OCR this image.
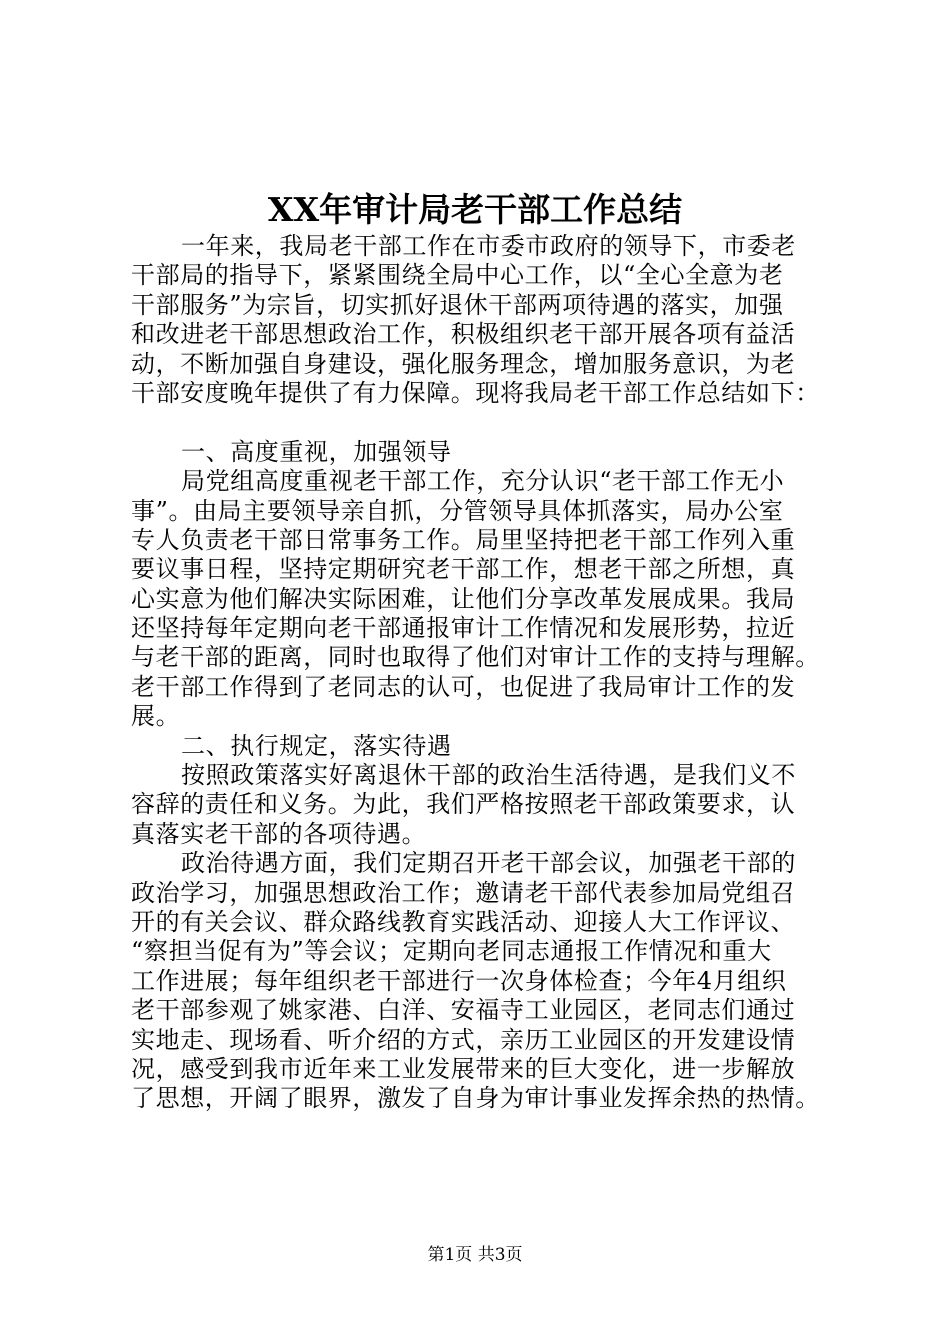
XX年审计局老干部工作总结
一年来，我局老干部工作在市委市政府的领导下，市委老
干部局的指导下，紧紧围绕全局中心工作，以“全心全意为老
干部服务”为宗旨，切实抓好退休干部两项待遇的落实，加强
和改进老干部思想政治工作，积极组织老干部开展各项有益活
动，不断加强自身建设，强化服务理念，增加服务意识，为老
干部安度晚年提供了有力保障。现将我局老干部工作总结如下：
一、高度重视，加强领导
局党组高度重视老干部工作，充分认识“老干部工作无小
事”。由局主要领导亲自抓，分管领导具体抓落实，局办公室
专人负责老干部日常事务工作。局里坚持把老干部工作列入重
要议事日程，坚持定期研究老干部工作，想老干部之所想，真
心实意为他们解决实际困难，让他们分享改革发展成果。我局
还坚持每年定期向老干部通报审计工作情况和发展形势，拉近
与老干部的距离，同时也取得了他们对审计工作的支持与理解。
老干部工作得到了老同志的认可，也促进了我局审计工作的发
展。
二、执行规定，落实待遇
按照政策落实好离退休干部的政治生活待遇，是我们义不
容辞的责任和义务。为此，我们严格按照老干部政策要求，认
真落实老干部的各项待遇。
政治待遇方面，我们定期召开老干部会议，加强老干部的
政治学习，加强思想政治工作；邀请老干部代表参加局党组召
开的有关会议、群众路线教育实践活动、迎接人大工作评议、
“察担当促有为”等会议；定期向老同志通报工作情况和重大
工作进展；每年组织老干部进行一次身体检查；今年4月组织
老干部参观了姚家港、白洋、安福寺工业园区，老同志们通过
实地走、现场看、听介绍的方式，亲历工业园区的开发建设情
况，感受到我市近年来工业发展带来的巨大变化，进一步解放
了思想，开阔了眼界，激发了自身为审计事业发挥余热的热情。
第1页 共3页
